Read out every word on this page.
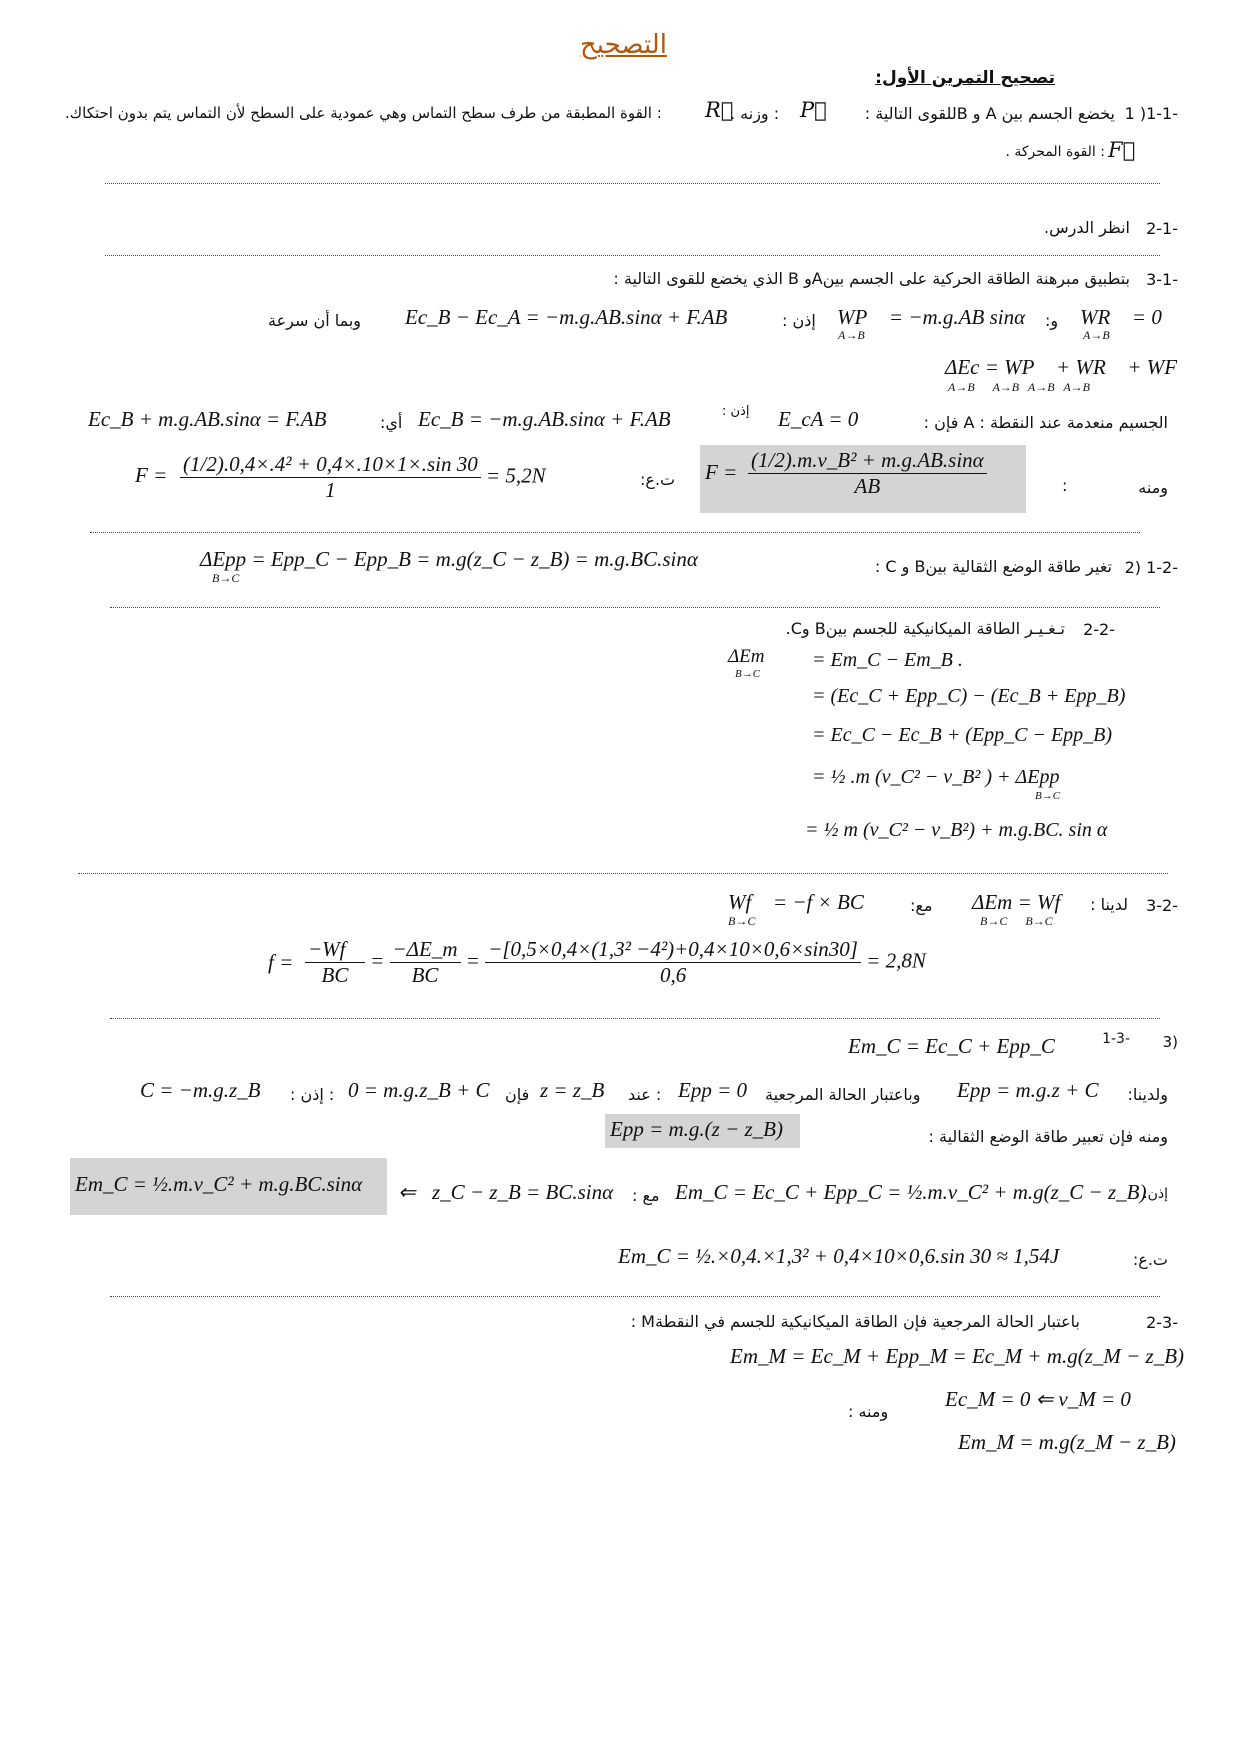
التصحيح
تصحيح التمرين الأول:
1 )1-1-
يخضع الجسم بين A و Bللقوى التالية :
P⃗
: وزنه .
R⃗
: القوة المطبقة من طرف سطح التماس وهي عمودية على السطح لأن التماس يتم بدون احتكاك.
F⃗
: القوة المحركة .
2-1-
انظر الدرس.
3-1-
بتطبيق مبرهنة الطاقة الحركية على الجسم بينAو B الذي يخضع للقوى التالية :
WR⃗ = 0
A→B
و:
WP⃗ = −m.g.AB sinα
A→B
إذن :
Ec_B − Ec_A = −m.g.AB.sinα + F.AB
وبما أن سرعة
ΔEc = WP⃗ + WR⃗ + WF⃗
A→B      A→B   A→B   A→B
الجسيم منعدمة عند النقطة : A فإن :
E_cA = 0
إذن :
Ec_B = −m.g.AB.sinα + F.AB
أي:
Ec_B + m.g.AB.sinα = F.AB
ومنه
:
$F = \frac{\text{(1/2).m.v\_B² + m.g.AB.sinα}}{AB}$
ت.ع:
$F = \frac{\text{(1/2).0,4×.4² + 0,4×.10×1×.sin 30}}{1} = 5,2N$
2) 1-2-
تغير طاقة الوضع الثقالية بينB و C :
ΔEpp = Epp_C − Epp_B = m.g(z_C − z_B) = m.g.BC.sinα
B→C
2-2-
تـغـيـر الطاقة الميكانيكية للجسم بينB وC.
ΔEm
B→C
= Em_C − Em_B .
= (Ec_C + Epp_C) − (Ec_B + Epp_B)
= Ec_C − Ec_B + (Epp_C − Epp_B)
= ½ .m (v_C² − v_B² ) + ΔEpp
B→C
= ½ m (v_C² − v_B²) + m.g.BC. sin α
3-2-
لدينا :
ΔEm = Wf⃗
B→C      B→C
مع:
Wf⃗ = −f × BC
B→C
$f = \frac{-Wf⃗}{BC} = \frac{-\Delta E\_m}{BC} = \frac{\text{−[0,5×0,4×(1,3² −4²)+0,4×10×0,6×sin30]}}{0,6} = 2,8N$
3)
1-3-
Em_C = Ec_C + Epp_C
ولدينا:
Epp = m.g.z + C
وباعتبار الحالة المرجعية
Epp = 0
: عند
z = z_B
فإن
0 = m.g.z_B + C
: إذن :
C = −m.g.z_B
ومنه فإن تعبير طاقة الوضع الثقالية :
Epp = m.g.(z − z_B)
إذن:
Em_C = Ec_C + Epp_C = ½.m.v_C² + m.g(z_C − z_B)
مع :
z_C − z_B = BC.sinα
⇐
Em_C = ½.m.v_C² + m.g.BC.sinα
ت.ع:
Em_C = ½.×0,4.×1,3² + 0,4×10×0,6.sin 30 ≈ 1,54J
2-3-
باعتبار الحالة المرجعية فإن الطاقة الميكانيكية للجسم في النقطةM :
Em_M = Ec_M + Epp_M = Ec_M + m.g(z_M − z_B)
ومنه :
Ec_M = 0 ⇐ v_M = 0
Em_M = m.g(z_M − z_B)
